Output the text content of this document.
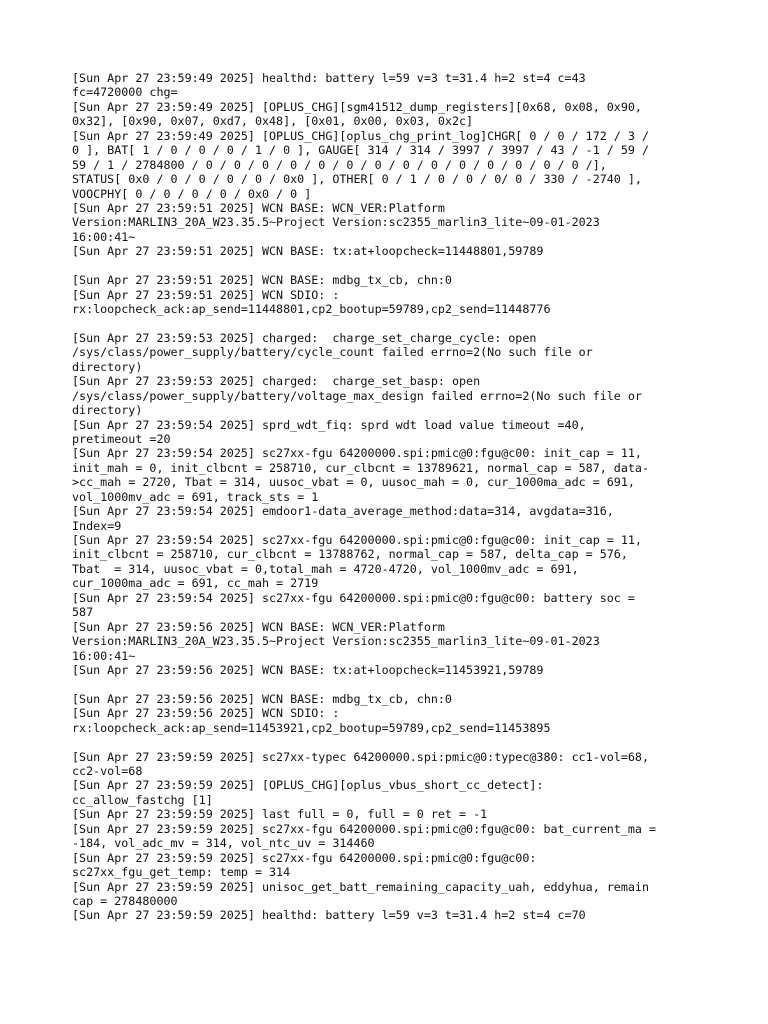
[Sun Apr 27 23:59:49 2025] healthd: battery l=59 v=3 t=31.4 h=2 st=4 c=43
fc=4720000 chg=
[Sun Apr 27 23:59:49 2025] [OPLUS_CHG][sgm41512_dump_registers][0x68, 0x08, 0x90,
0x32], [0x90, 0x07, 0xd7, 0x48], [0x01, 0x00, 0x03, 0x2c]
[Sun Apr 27 23:59:49 2025] [OPLUS_CHG][oplus_chg_print_log]CHGR[ 0 / 0 / 172 / 3 /
0 ], BAT[ 1 / 0 / 0 / 0 / 1 / 0 ], GAUGE[ 314 / 314 / 3997 / 3997 / 43 / -1 / 59 /
59 / 1 / 2784800 / 0 / 0 / 0 / 0 / 0 / 0 / 0 / 0 / 0 / 0 / 0 / 0 / 0 / 0 /],
STATUS[ 0x0 / 0 / 0 / 0 / 0 / 0x0 ], OTHER[ 0 / 1 / 0 / 0 / 0/ 0 / 330 / -2740 ],
VOOCPHY[ 0 / 0 / 0 / 0 / 0x0 / 0 ]
[Sun Apr 27 23:59:51 2025] WCN BASE: WCN_VER:Platform
Version:MARLIN3_20A_W23.35.5~Project Version:sc2355_marlin3_lite~09-01-2023
16:00:41~
[Sun Apr 27 23:59:51 2025] WCN BASE: tx:at+loopcheck=11448801,59789
[Sun Apr 27 23:59:51 2025] WCN BASE: mdbg_tx_cb, chn:0
[Sun Apr 27 23:59:51 2025] WCN SDIO: :
rx:loopcheck_ack:ap_send=11448801,cp2_bootup=59789,cp2_send=11448776
[Sun Apr 27 23:59:53 2025] charged:  charge_set_charge_cycle: open
/sys/class/power_supply/battery/cycle_count failed errno=2(No such file or
directory)
[Sun Apr 27 23:59:53 2025] charged:  charge_set_basp: open
/sys/class/power_supply/battery/voltage_max_design failed errno=2(No such file or
directory)
[Sun Apr 27 23:59:54 2025] sprd_wdt_fiq: sprd wdt load value timeout =40,
pretimeout =20
[Sun Apr 27 23:59:54 2025] sc27xx-fgu 64200000.spi:pmic@0:fgu@c00: init_cap = 11,
init_mah = 0, init_clbcnt = 258710, cur_clbcnt = 13789621, normal_cap = 587, data-
>cc_mah = 2720, Tbat = 314, uusoc_vbat = 0, uusoc_mah = 0, cur_1000ma_adc = 691,
vol_1000mv_adc = 691, track_sts = 1
[Sun Apr 27 23:59:54 2025] emdoor1-data_average_method:data=314, avgdata=316,
Index=9
[Sun Apr 27 23:59:54 2025] sc27xx-fgu 64200000.spi:pmic@0:fgu@c00: init_cap = 11,
init_clbcnt = 258710, cur_clbcnt = 13788762, normal_cap = 587, delta_cap = 576,
Tbat  = 314, uusoc_vbat = 0,total_mah = 4720-4720, vol_1000mv_adc = 691,
cur_1000ma_adc = 691, cc_mah = 2719
[Sun Apr 27 23:59:54 2025] sc27xx-fgu 64200000.spi:pmic@0:fgu@c00: battery soc =
587
[Sun Apr 27 23:59:56 2025] WCN BASE: WCN_VER:Platform
Version:MARLIN3_20A_W23.35.5~Project Version:sc2355_marlin3_lite~09-01-2023
16:00:41~
[Sun Apr 27 23:59:56 2025] WCN BASE: tx:at+loopcheck=11453921,59789
[Sun Apr 27 23:59:56 2025] WCN BASE: mdbg_tx_cb, chn:0
[Sun Apr 27 23:59:56 2025] WCN SDIO: :
rx:loopcheck_ack:ap_send=11453921,cp2_bootup=59789,cp2_send=11453895
[Sun Apr 27 23:59:59 2025] sc27xx-typec 64200000.spi:pmic@0:typec@380: cc1-vol=68,
cc2-vol=68
[Sun Apr 27 23:59:59 2025] [OPLUS_CHG][oplus_vbus_short_cc_detect]:
cc_allow_fastchg [1]
[Sun Apr 27 23:59:59 2025] last full = 0, full = 0 ret = -1
[Sun Apr 27 23:59:59 2025] sc27xx-fgu 64200000.spi:pmic@0:fgu@c00: bat_current_ma =
-184, vol_adc_mv = 314, vol_ntc_uv = 314460
[Sun Apr 27 23:59:59 2025] sc27xx-fgu 64200000.spi:pmic@0:fgu@c00:
sc27xx_fgu_get_temp: temp = 314
[Sun Apr 27 23:59:59 2025] unisoc_get_batt_remaining_capacity_uah, eddyhua, remain
cap = 278480000
[Sun Apr 27 23:59:59 2025] healthd: battery l=59 v=3 t=31.4 h=2 st=4 c=70
